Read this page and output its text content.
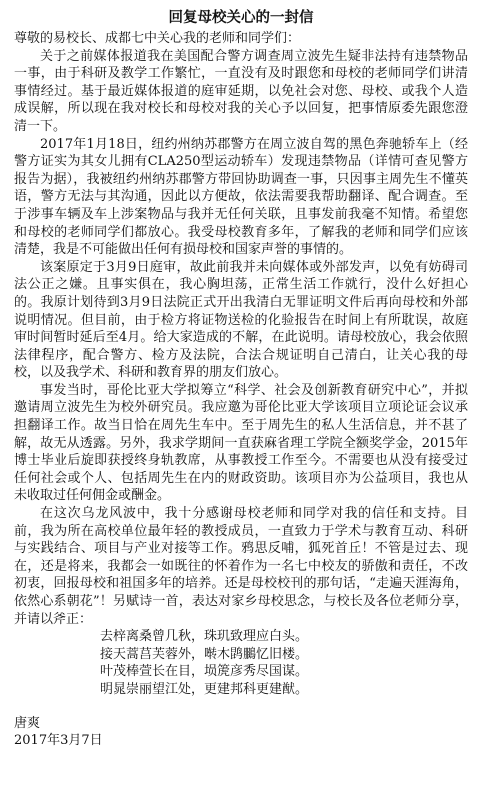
回复母校关心的一封信
尊敬的易校长、成都七中关心我的老师和同学们：
关于之前媒体报道我在美国配合警方调查周立波先生疑非法持有违禁物品一事，由于科研及教学工作繁忙，一直没有及时跟您和母校的老师同学们讲清事情经过。基于最近媒体报道的庭审延期，以免社会对您、母校、或我个人造成误解，所以现在我对校长和母校对我的关心予以回复，把事情原委先跟您澄清一下。
2017年1月18日，纽约州纳苏郡警方在周立波自驾的黑色奔驰轿车上（经警方证实为其女儿拥有CLA250型运动轿车）发现违禁物品（详情可查见警方报告为据），我被纽约州纳苏郡警方带回协助调查一事，只因事主周先生不懂英语，警方无法与其沟通，因此以方便故，依法需要我帮助翻译、配合调查。至于涉事车辆及车上涉案物品与我并无任何关联，且事发前我毫不知情。希望您和母校的老师同学们都放心。我受母校教育多年，了解我的老师和同学们应该清楚，我是不可能做出任何有损母校和国家声誉的事情的。
该案原定于3月9日庭审，故此前我并未向媒体或外部发声，以免有妨碍司法公正之嫌。且事实俱在，我心胸坦荡，正常生活工作就行，没什么好担心的。我原计划待到3月9日法院正式开出我清白无罪证明文件后再向母校和外部说明情况。但目前，由于检方将证物送检的化验报告在时间上有所耽误，故庭审时间暂时延后至4月。给大家造成的不解，在此说明。请母校放心，我会依照法律程序，配合警方、检方及法院，合法合规证明自己清白，让关心我的母校，以及我学术、科研和教育界的朋友们放心。
事发当时，哥伦比亚大学拟筹立“科学、社会及创新教育研究中心”，并拟邀请周立波先生为校外研究员。我应邀为哥伦比亚大学该项目立项论证会议承担翻译工作。故当日恰在周先生车中。至于周先生的私人生活信息，并不甚了解，故无从透露。另外，我求学期间一直获麻省理工学院全额奖学金，2015年博士毕业后旋即获授终身轨教席，从事教授工作至今。不需要也从没有接受过任何社会或个人、包括周先生在内的财政资助。该项目亦为公益项目，我也从未收取过任何佣金或酬金。
在这次乌龙风波中，我十分感谢母校老师和同学对我的信任和支持。目前，我为所在高校单位最年轻的教授成员，一直致力于学术与教育互动、科研与实践结合、项目与产业对接等工作。鸦思反哺，狐死首丘！不管是过去、现在，还是将来，我都会一如既往的怀着作为一名七中校友的骄傲和责任，不改初衷，回报母校和祖国多年的培养。还是母校校刊的那句话，“走遍天涯海角，依然心系朝花”！另赋诗一首，表达对家乡母校思念，与校长及各位老师分享，并请以斧正：
去梓离桑曾几秋，珠玑致理应白头。
接天蒿莒芙蓉外，啭木鹍鵩忆旧楼。
叶茂棒萱长在目，埙箎彦秀尽国谋。
明晁崇丽望江处，更建邦科更建猷。
唐爽
2017年3月7日
